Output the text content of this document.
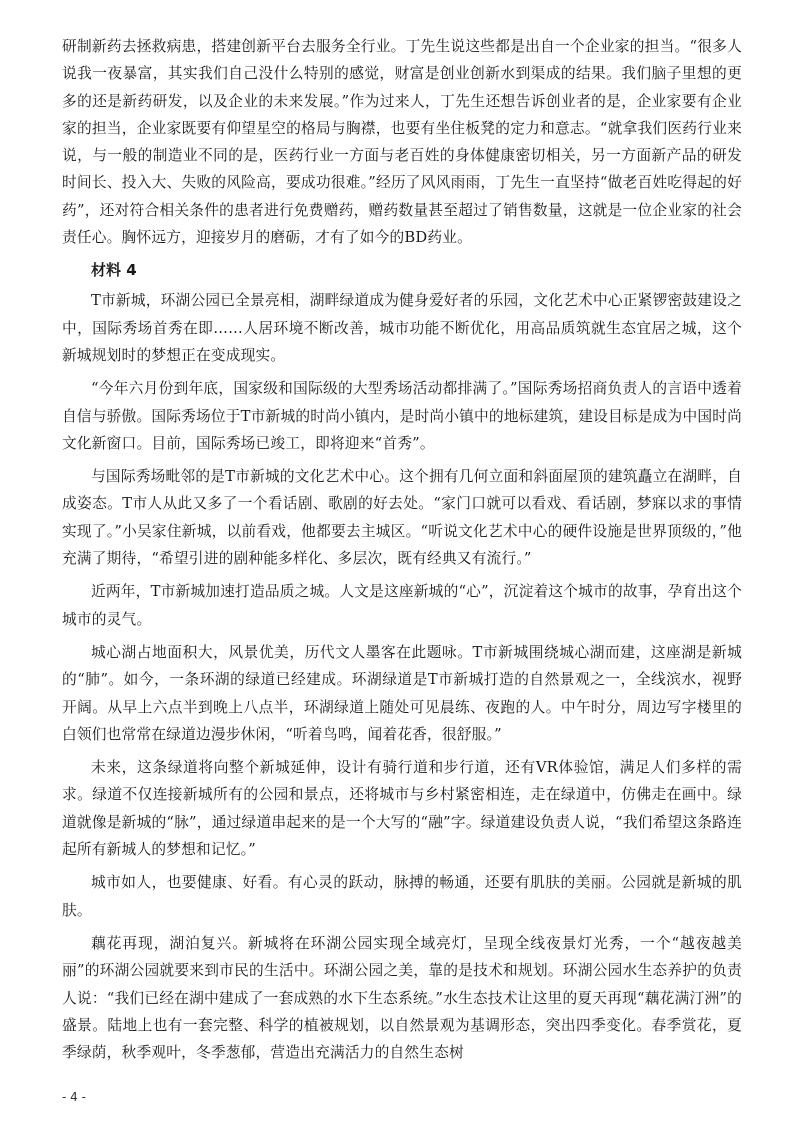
研制新药去拯救病患，搭建创新平台去服务全行业。丁先生说这些都是出自一个企业家的担当。“很多人说我一夜暴富，其实我们自己没什么特别的感觉，财富是创业创新水到渠成的结果。我们脑子里想的更多的还是新药研发，以及企业的未来发展。”作为过来人，丁先生还想告诉创业者的是，企业家要有企业家的担当，企业家既要有仰望星空的格局与胸襟，也要有坐住板凳的定力和意志。“就拿我们医药行业来说，与一般的制造业不同的是，医药行业一方面与老百姓的身体健康密切相关，另一方面新产品的研发时间长、投入大、失败的风险高，要成功很难。”经历了风风雨雨，丁先生一直坚持“做老百姓吃得起的好药”，还对符合相关条件的患者进行免费赠药，赠药数量甚至超过了销售数量，这就是一位企业家的社会责任心。胸怀远方，迎接岁月的磨砺，才有了如今的BD药业。

材料 4

T市新城，环湖公园已全景亮相，湖畔绿道成为健身爱好者的乐园，文化艺术中心正紧锣密鼓建设之中，国际秀场首秀在即……人居环境不断改善，城市功能不断优化，用高品质筑就生态宜居之城，这个新城规划时的梦想正在变成现实。

“今年六月份到年底，国家级和国际级的大型秀场活动都排满了。”国际秀场招商负责人的言语中透着自信与骄傲。国际秀场位于T市新城的时尚小镇内，是时尚小镇中的地标建筑，建设目标是成为中国时尚文化新窗口。目前，国际秀场已竣工，即将迎来“首秀”。

与国际秀场毗邻的是T市新城的文化艺术中心。这个拥有几何立面和斜面屋顶的建筑矗立在湖畔，自成姿态。T市人从此又多了一个看话剧、歌剧的好去处。“家门口就可以看戏、看话剧，梦寐以求的事情实现了。”小吴家住新城，以前看戏，他都要去主城区。“听说文化艺术中心的硬件设施是世界顶级的，”他充满了期待，“希望引进的剧种能多样化、多层次，既有经典又有流行。”

近两年，T市新城加速打造品质之城。人文是这座新城的“心”，沉淀着这个城市的故事，孕育出这个城市的灵气。

城心湖占地面积大，风景优美，历代文人墨客在此题咏。T市新城围绕城心湖而建，这座湖是新城的“肺”。如今，一条环湖的绿道已经建成。环湖绿道是T市新城打造的自然景观之一，全线滨水，视野开阔。从早上六点半到晚上八点半，环湖绿道上随处可见晨练、夜跑的人。中午时分，周边写字楼里的白领们也常常在绿道边漫步休闲，“听着鸟鸣，闻着花香，很舒服。”

未来，这条绿道将向整个新城延伸，设计有骑行道和步行道，还有VR体验馆，满足人们多样的需求。绿道不仅连接新城所有的公园和景点，还将城市与乡村紧密相连，走在绿道中，仿佛走在画中。绿道就像是新城的“脉”，通过绿道串起来的是一个大写的“融”字。绿道建设负责人说，“我们希望这条路连起所有新城人的梦想和记忆。”

城市如人，也要健康、好看。有心灵的跃动，脉搏的畅通，还要有肌肤的美丽。公园就是新城的肌肤。

藕花再现，湖泊复兴。新城将在环湖公园实现全域亮灯，呈现全线夜景灯光秀，一个“越夜越美丽”的环湖公园就要来到市民的生活中。环湖公园之美，靠的是技术和规划。环湖公园水生态养护的负责人说：“我们已经在湖中建成了一套成熟的水下生态系统。”水生态技术让这里的夏天再现“藕花满汀洲”的盛景。陆地上也有一套完整、科学的植被规划，以自然景观为基调形态，突出四季变化。春季赏花，夏季绿荫，秋季观叶，冬季葱郁，营造出充满活力的自然生态树

- 4 -
